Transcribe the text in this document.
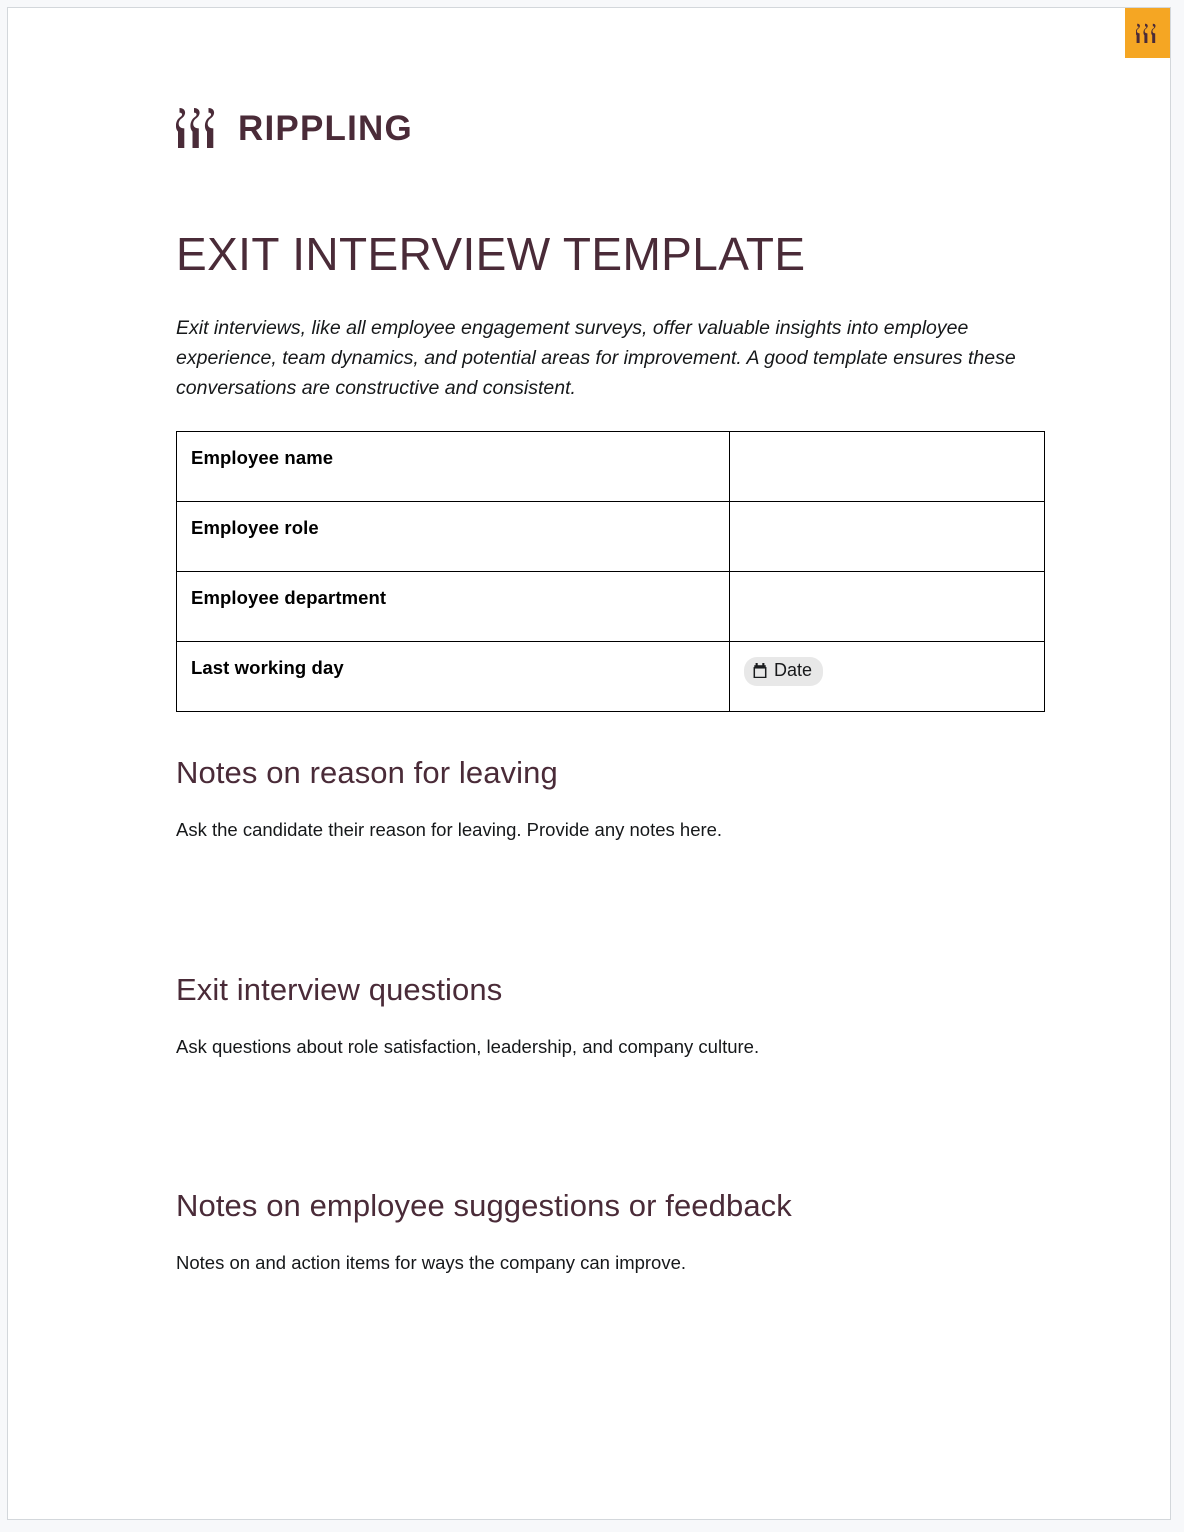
RIPPLING
EXIT INTERVIEW TEMPLATE

Exit interviews, like all employee engagement surveys, offer valuable insights into employee experience, team dynamics, and potential areas for improvement. A good template ensures these conversations are constructive and consistent.

Employee name	
Employee role	
Employee department	
Last working day	Date
Notes on reason for leaving

Ask the candidate their reason for leaving. Provide any notes here.

Exit interview questions

Ask questions about role satisfaction, leadership, and company culture.

Notes on employee suggestions or feedback

Notes on and action items for ways the company can improve.
